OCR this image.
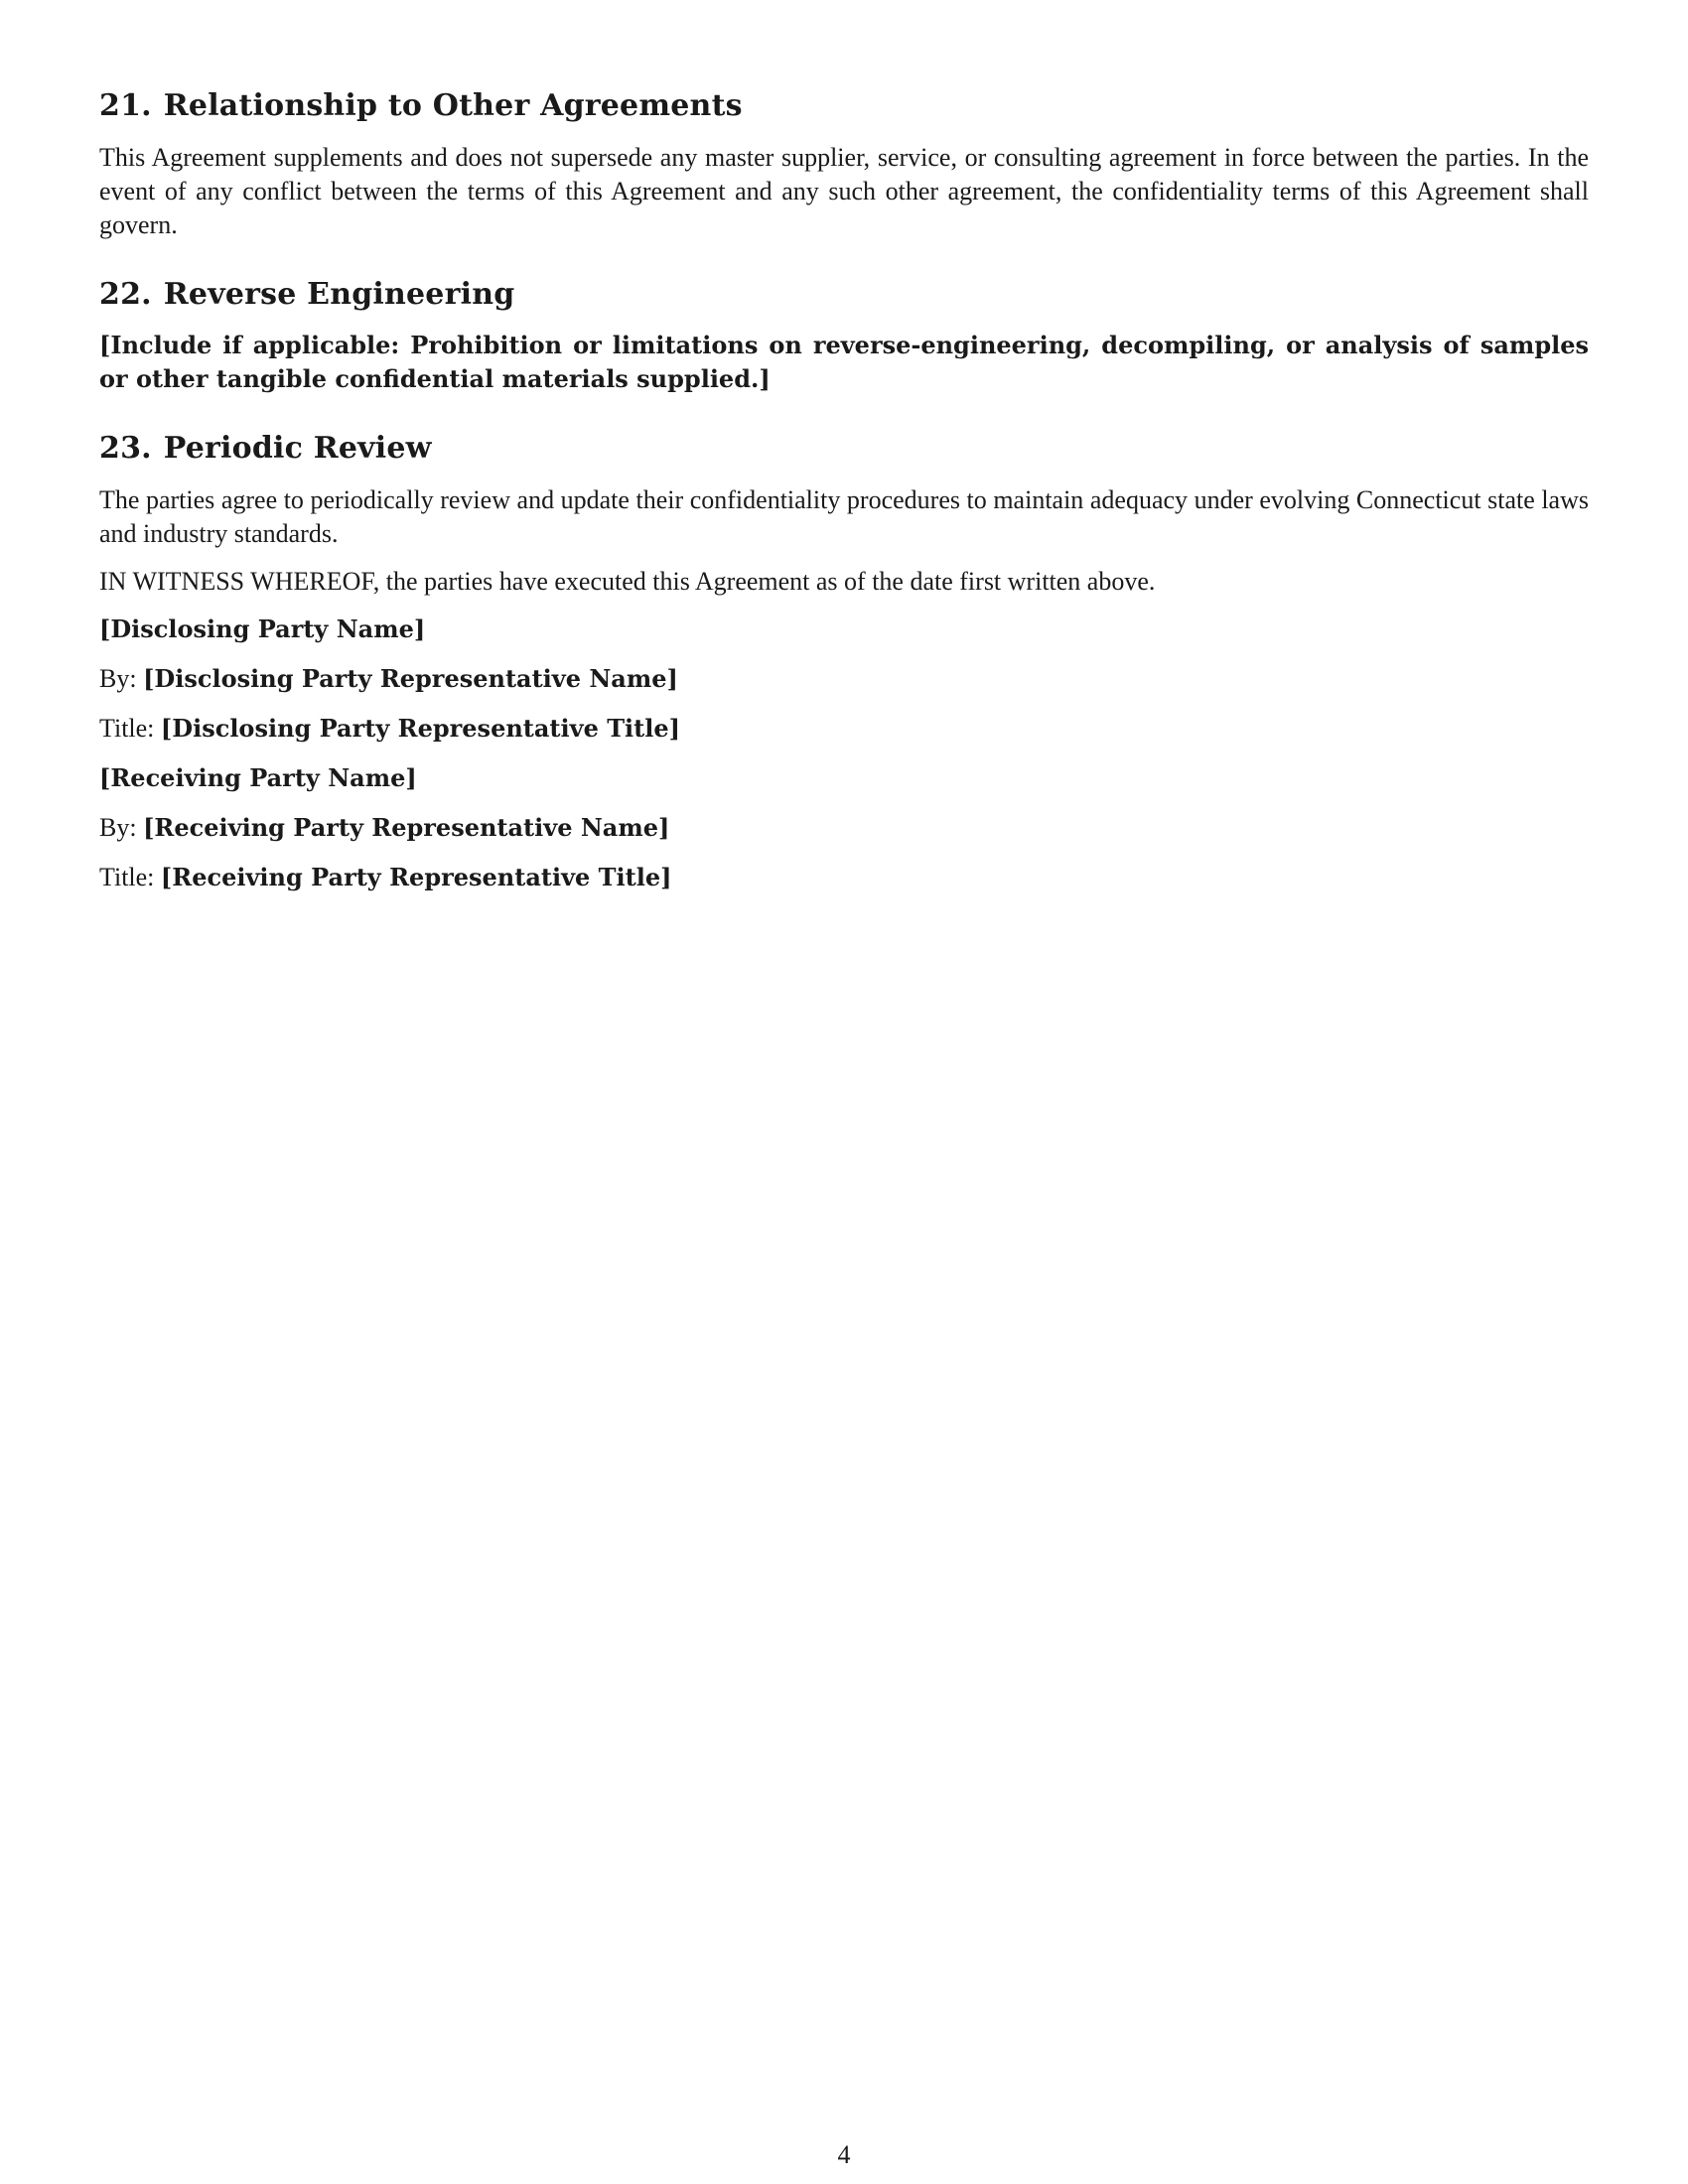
21. Relationship to Other Agreements

This Agreement supplements and does not supersede any master supplier, service, or consulting agreement in force between the parties. In the event of any conflict between the terms of this Agreement and any such other agreement, the confidentiality terms of this Agreement shall govern.

22. Reverse Engineering

[Include if applicable: Prohibition or limitations on reverse-engineering, decompiling, or analysis of samples or other tangible confidential materials supplied.]

23. Periodic Review

The parties agree to periodically review and update their confidentiality procedures to maintain adequacy under evolving Connecticut state laws and industry standards.

IN WITNESS WHEREOF, the parties have executed this Agreement as of the date first written above.

[Disclosing Party Name]
By: [Disclosing Party Representative Name]
Title: [Disclosing Party Representative Title]
[Receiving Party Name]
By: [Receiving Party Representative Name]
Title: [Receiving Party Representative Title]
4
